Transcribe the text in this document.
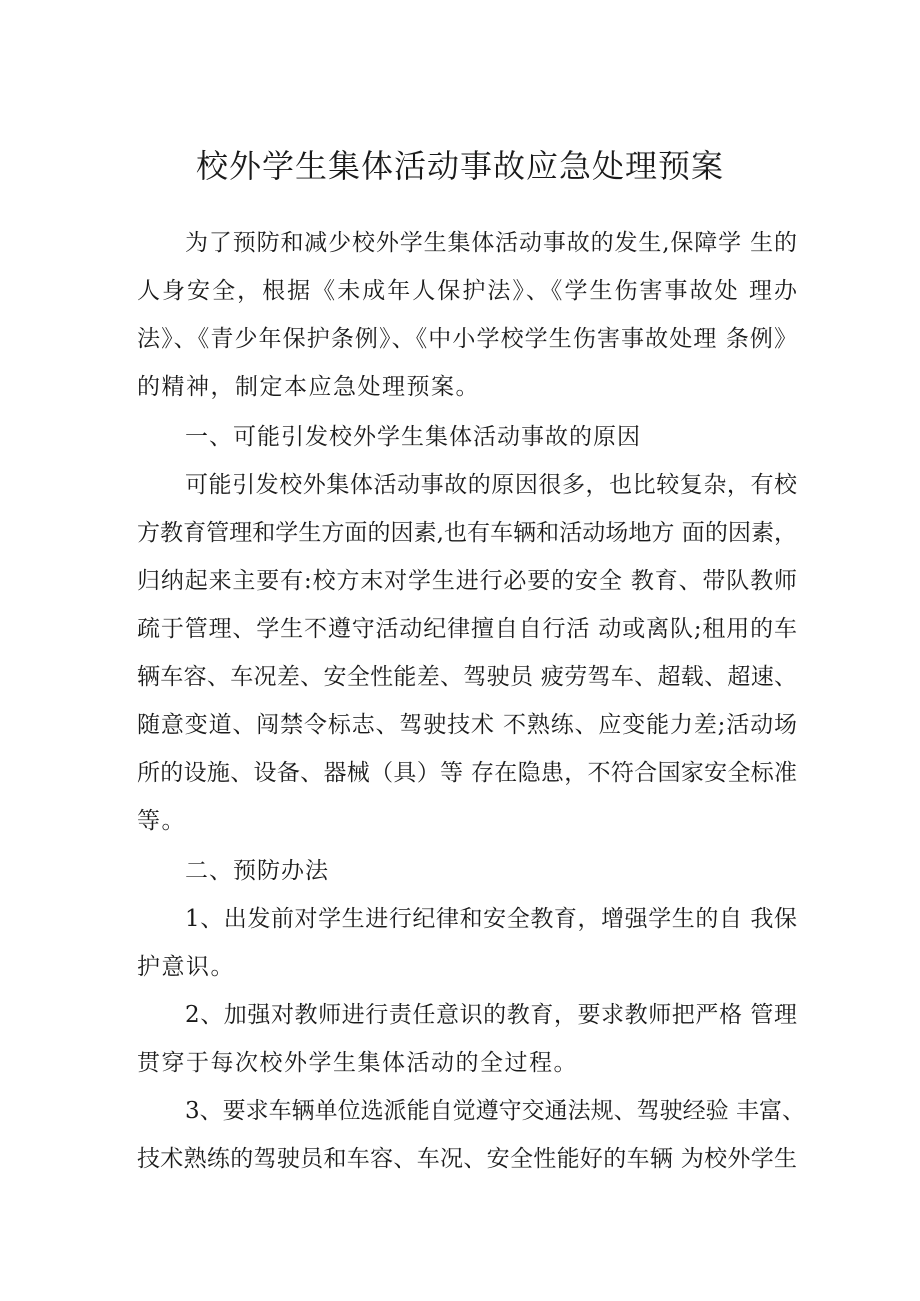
校外学生集体活动事故应急处理预案
为了预防和减少校外学生集体活动事故的发生,保障学 生的
人身安全，根据《未成年人保护法》、《学生伤害事故处 理办
法》、《青少年保护条例》、《中小学校学生伤害事故处理 条例》
的精神，制定本应急处理预案。
一、可能引发校外学生集体活动事故的原因
可能引发校外集体活动事故的原因很多，也比较复杂，有校
方教育管理和学生方面的因素,也有车辆和活动场地方 面的因素，
归纳起来主要有:校方末对学生进行必要的安全 教育、带队教师
疏于管理、学生不遵守活动纪律擅自自行活 动或离队;租用的车
辆车容、车况差、安全性能差、驾驶员 疲劳驾车、超载、超速、
随意变道、闯禁令标志、驾驶技术 不熟练、应变能力差;活动场
所的设施、设备、器械（具）等 存在隐患，不符合国家安全标准
等。
二、预防办法
1、出发前对学生进行纪律和安全教育，增强学生的自 我保
护意识。
2、加强对教师进行责任意识的教育，要求教师把严格 管理
贯穿于每次校外学生集体活动的全过程。
3、要求车辆单位选派能自觉遵守交通法规、驾驶经验 丰富、
技术熟练的驾驶员和车容、车况、安全性能好的车辆 为校外学生
